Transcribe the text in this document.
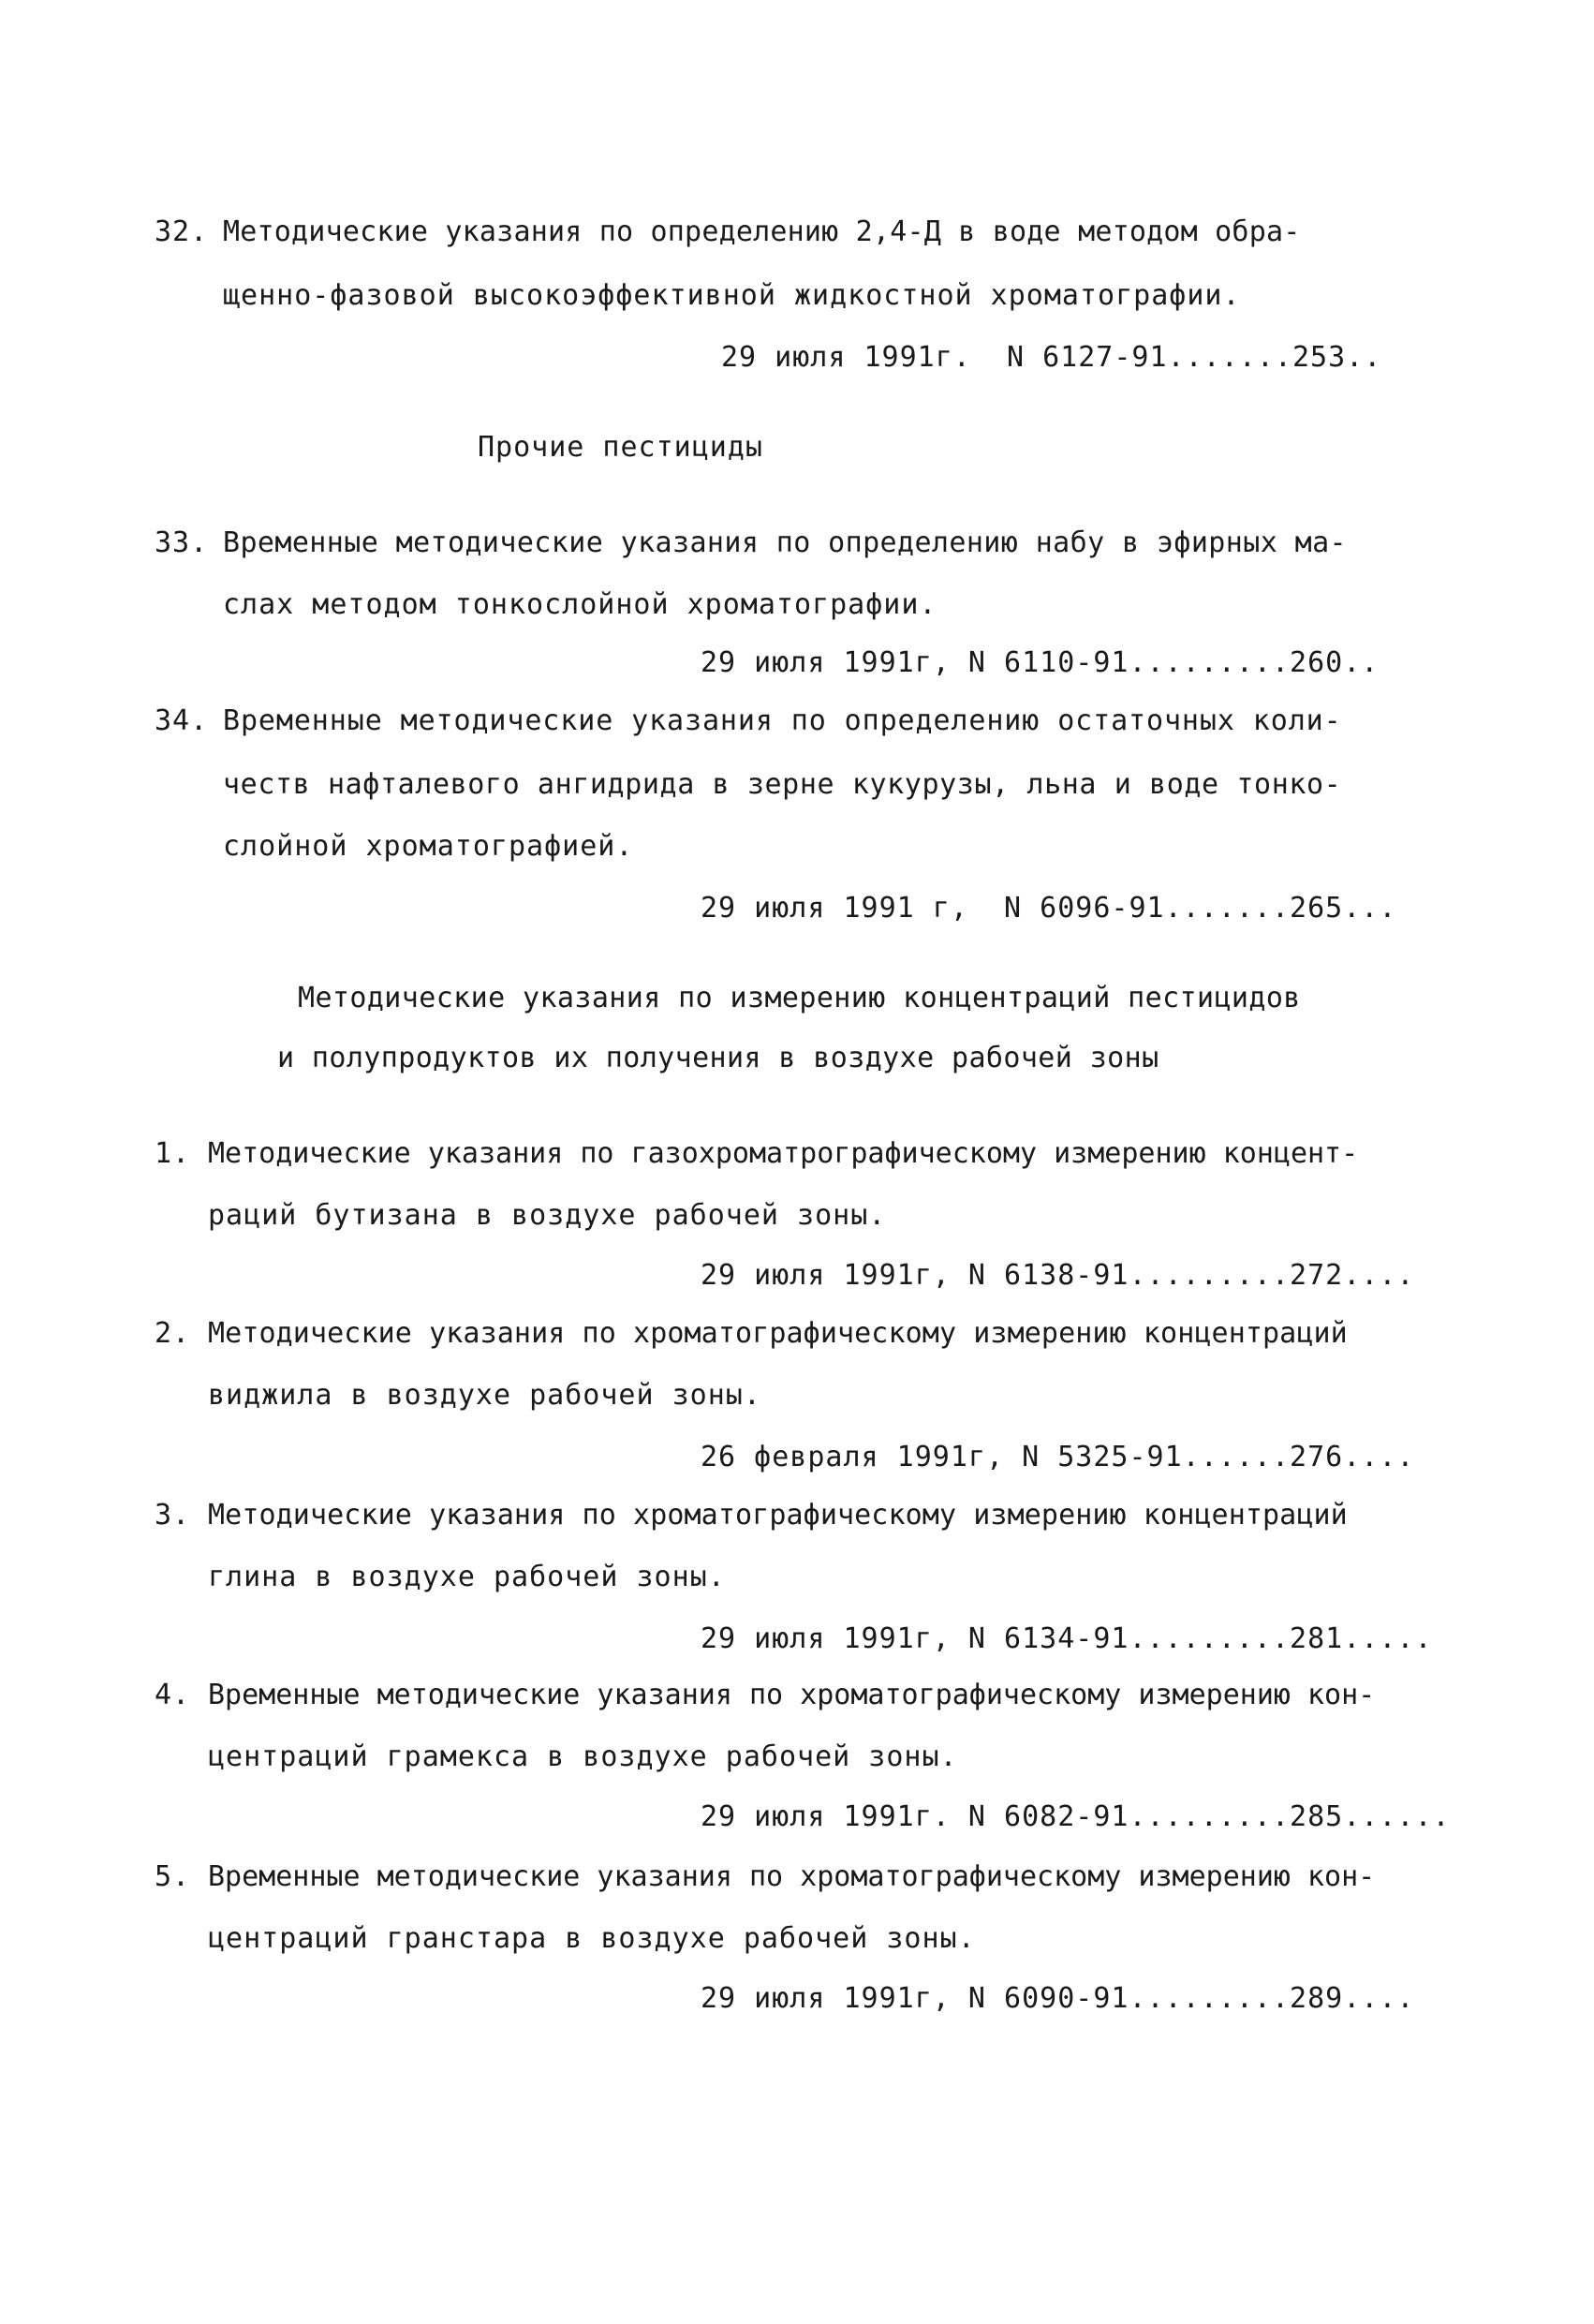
32. Методические указания по определению 2,4-Д в воде методом обра-
щенно-фазовой высокоэффективной жидкостной хроматографии.
29 июля 1991г.  N 6127-91.......253..
Прочие пестициды
33. Временные методические указания по определению набу в эфирных ма-
слах методом тонкослойной хроматографии.
29 июля 1991г, N 6110-91.........260..
34. Временные методические указания по определению остаточных коли-
честв нафталевого ангидрида в зерне кукурузы, льна и воде тонко-
слойной хроматографией.
29 июля 1991 г,  N 6096-91.......265...
Методические указания по измерению концентраций пестицидов
и полупродуктов их получения в воздухе рабочей зоны
1. Методические указания по газохроматрографическому измерению концент-
раций бутизана в воздухе рабочей зоны.
29 июля 1991г, N 6138-91.........272....
2. Методические указания по хроматографическому измерению концентраций
виджила в воздухе рабочей зоны.
26 февраля 1991г, N 5325-91......276....
3. Методические указания по хроматографическому измерению концентраций
глина в воздухе рабочей зоны.
29 июля 1991г, N 6134-91.........281.....
4. Временные методические указания по хроматографическому измерению кон-
центраций грамекса в воздухе рабочей зоны.
29 июля 1991г. N 6082-91.........285......
5. Временные методические указания по хроматографическому измерению кон-
центраций гранстара в воздухе рабочей зоны.
29 июля 1991г, N 6090-91.........289....
